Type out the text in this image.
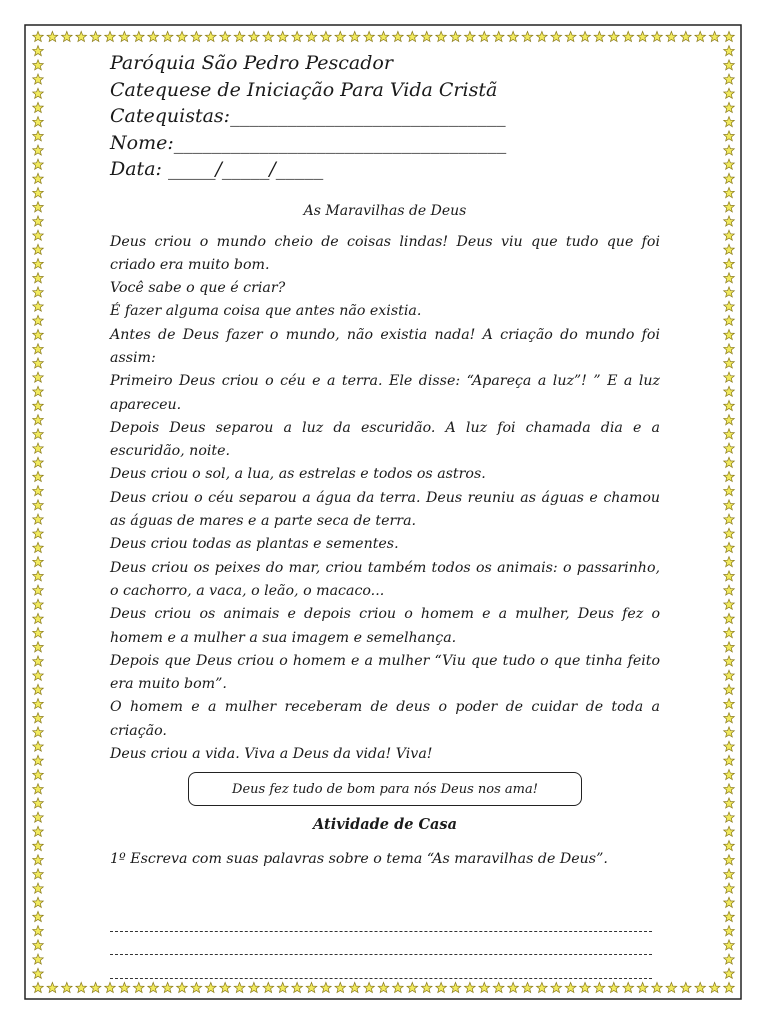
Paróquia São Pedro Pescador
Catequese de Iniciação Para Vida Cristã
Catequistas:_____________________________
Nome:___________________________________
Data: _____/_____/_____
As Maravilhas de Deus

Deus criou o mundo cheio de coisas lindas! Deus viu que tudo que foi criado era muito bom.

Você sabe o que é criar?

É fazer alguma coisa que antes não existia.

Antes de Deus fazer o mundo, não existia nada! A criação do mundo foi assim:

Primeiro Deus criou o céu e a terra. Ele disse: “Apareça a luz”! ” E a luz apareceu.

Depois Deus separou a luz da escuridão. A luz foi chamada dia e a escuridão, noite.

Deus criou o sol, a lua, as estrelas e todos os astros.

Deus criou o céu separou a água da terra. Deus reuniu as águas e chamou as águas de mares e a parte seca de terra.

Deus criou todas as plantas e sementes.

Deus criou os peixes do mar, criou também todos os animais: o passarinho, o cachorro, a vaca, o leão, o macaco...

Deus criou os animais e depois criou o homem e a mulher, Deus fez o homem e a mulher a sua imagem e semelhança.

Depois que Deus criou o homem e a mulher “Viu que tudo o que tinha feito era muito bom”.

O homem e a mulher receberam de deus o poder de cuidar de toda a criação.

Deus criou a vida. Viva a Deus da vida! Viva!

Deus fez tudo de bom para nós Deus nos ama!
Atividade de Casa
1º Escreva com suas palavras sobre o tema “As maravilhas de Deus”.
